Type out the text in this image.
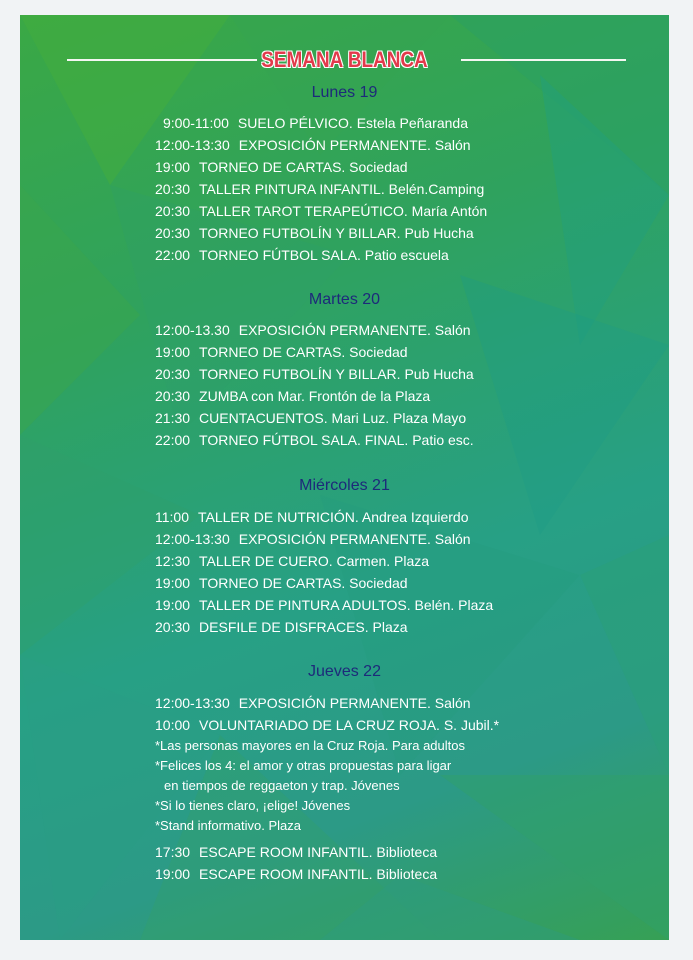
SEMANA BLANCA
Lunes 19
9:00-11:00 SUELO PÉLVICO. Estela Peñaranda
12:00-13:30 EXPOSICIÓN PERMANENTE. Salón
19:00 TORNEO DE CARTAS. Sociedad
20:30 TALLER PINTURA INFANTIL. Belén.Camping
20:30 TALLER TAROT TERAPEÚTICO. María Antón
20:30 TORNEO FUTBOLÍN Y BILLAR. Pub Hucha
22:00 TORNEO FÚTBOL SALA. Patio escuela
Martes 20
12:00-13.30 EXPOSICIÓN PERMANENTE. Salón
19:00 TORNEO DE CARTAS. Sociedad
20:30 TORNEO FUTBOLÍN Y BILLAR. Pub Hucha
20:30 ZUMBA con Mar. Frontón de la Plaza
21:30 CUENTACUENTOS. Mari Luz. Plaza Mayo
22:00 TORNEO FÚTBOL SALA. FINAL. Patio esc.
Miércoles 21
11:00 TALLER DE NUTRICIÓN. Andrea Izquierdo
12:00-13:30 EXPOSICIÓN PERMANENTE. Salón
12:30 TALLER DE CUERO. Carmen. Plaza
19:00 TORNEO DE CARTAS. Sociedad
19:00 TALLER DE PINTURA ADULTOS. Belén. Plaza
20:30 DESFILE DE DISFRACES. Plaza
Jueves 22
12:00-13:30 EXPOSICIÓN PERMANENTE. Salón
10:00 VOLUNTARIADO DE LA CRUZ ROJA. S. Jubil.*
*Las personas mayores en la Cruz Roja. Para adultos
*Felices los 4: el amor y otras propuestas para ligar
en tiempos de reggaeton y trap. Jóvenes
*Si lo tienes claro, ¡elige! Jóvenes
*Stand informativo. Plaza
17:30 ESCAPE ROOM INFANTIL. Biblioteca
19:00 ESCAPE ROOM INFANTIL. Biblioteca
